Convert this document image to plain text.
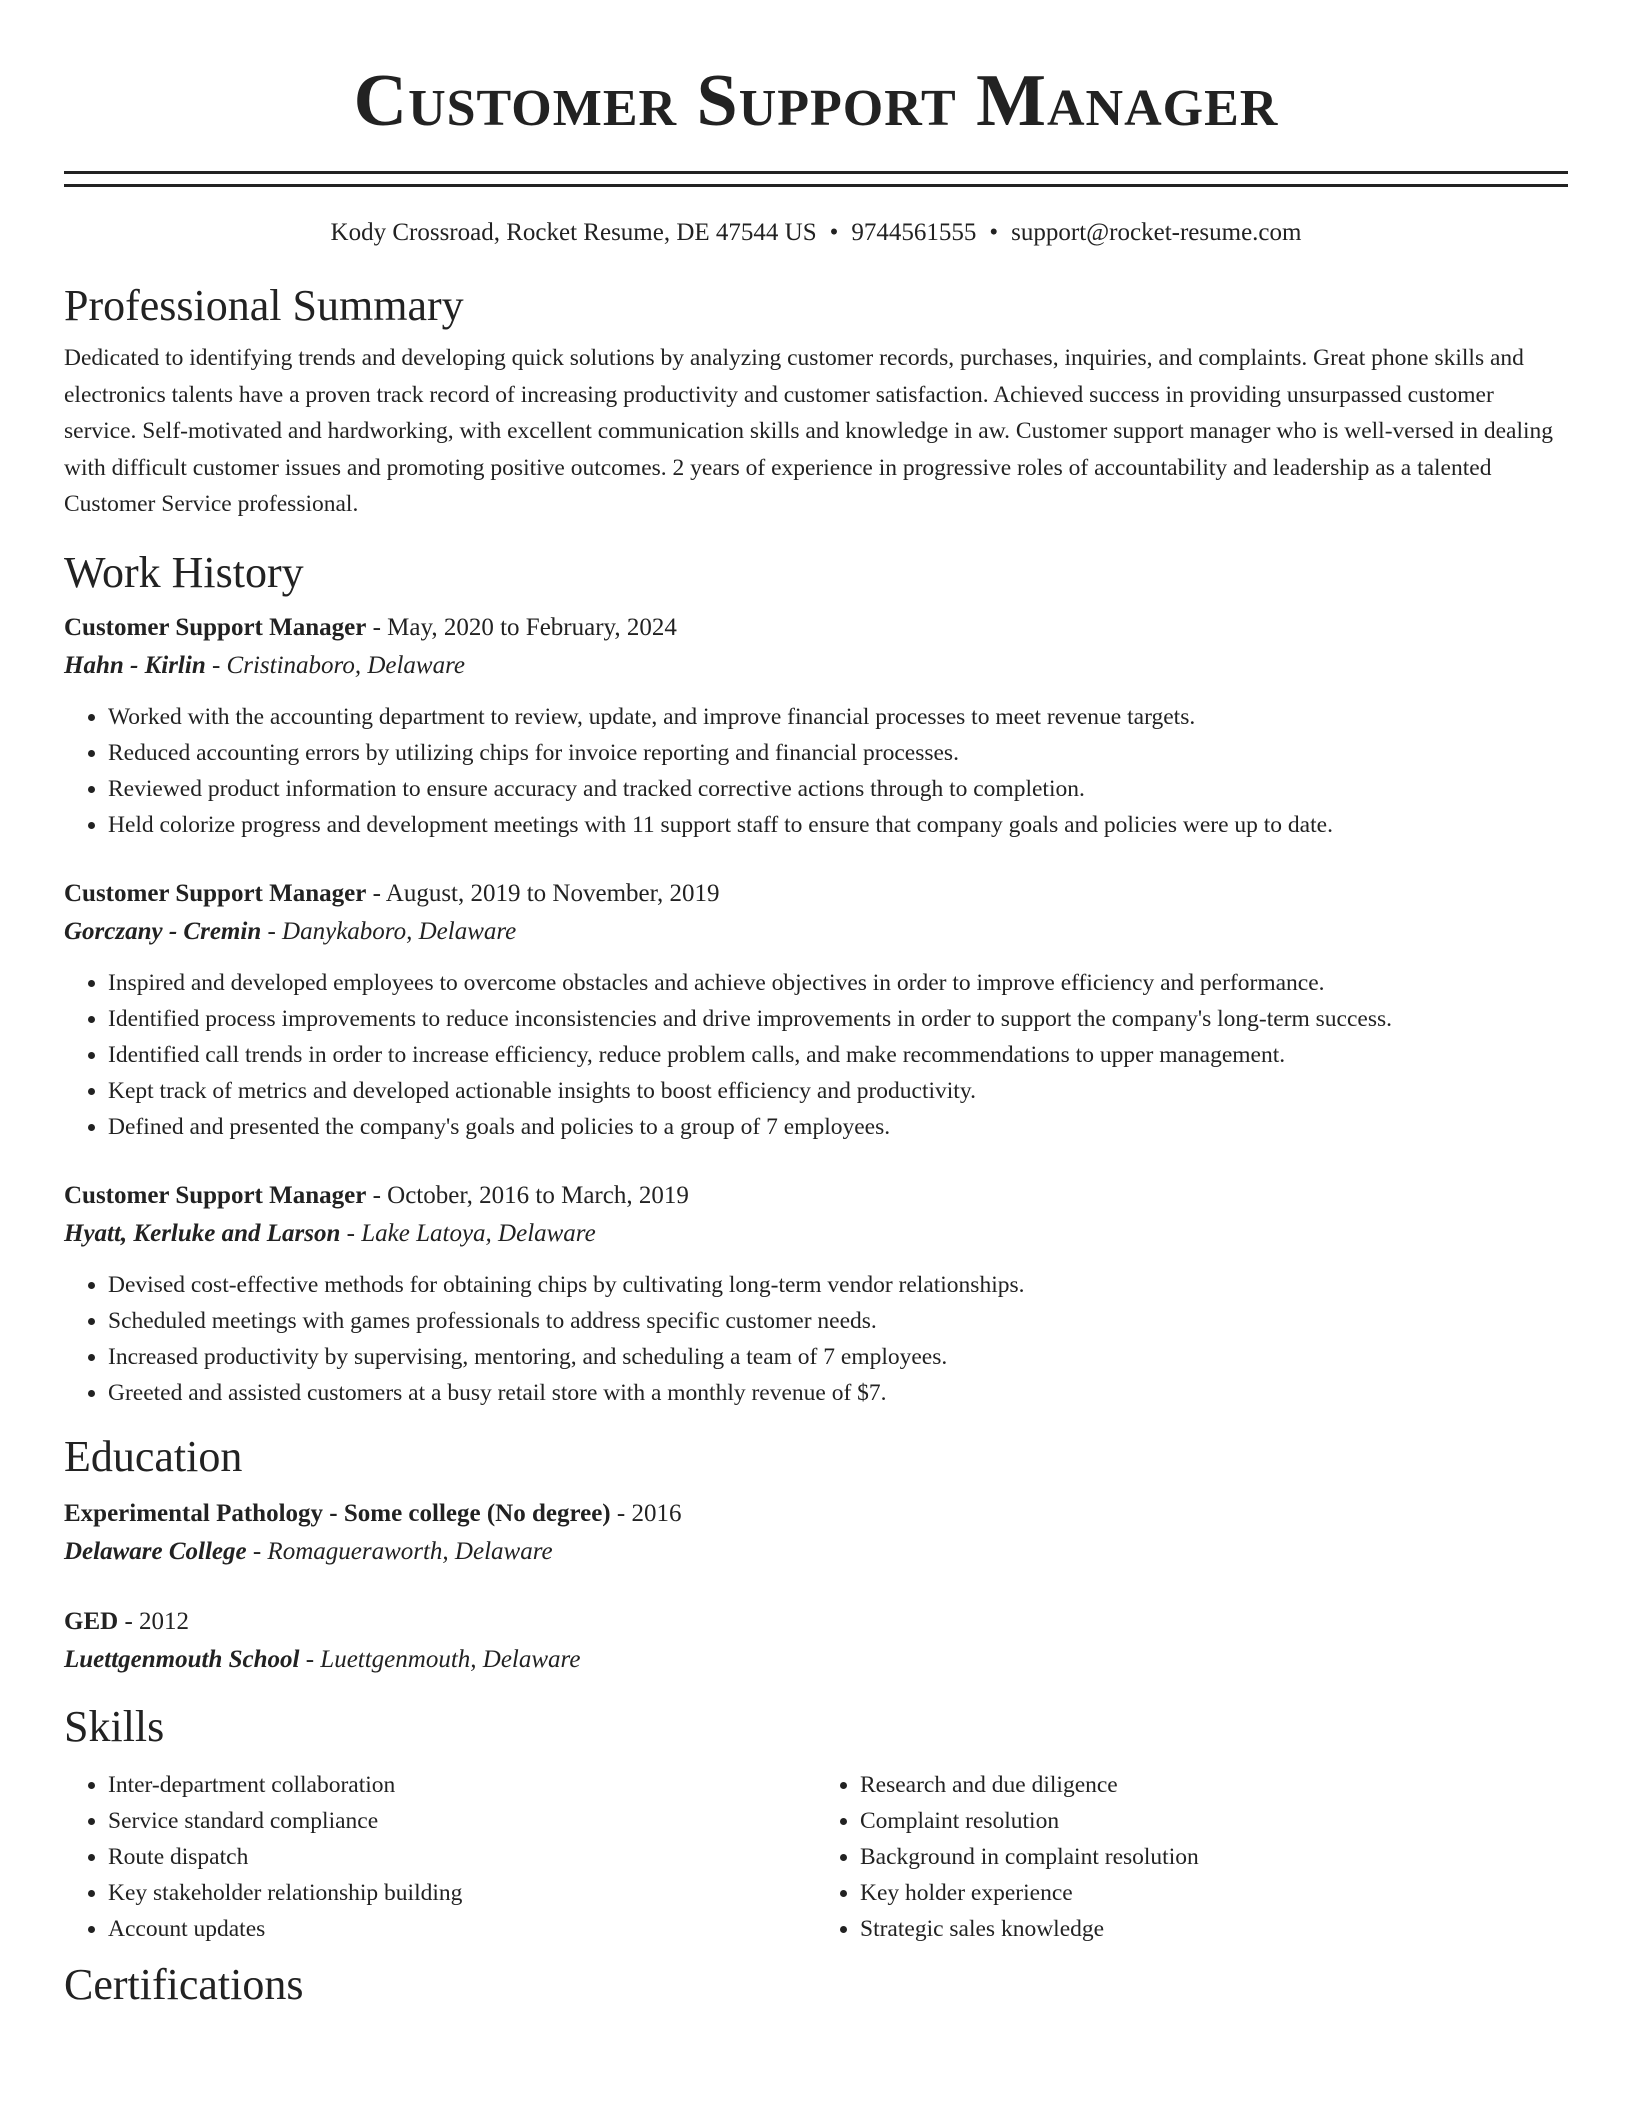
Customer Support Manager
Kody Crossroad, Rocket Resume, DE 47544 US • 9744561555 • support@rocket-resume.com
Professional Summary

Dedicated to identifying trends and developing quick solutions by analyzing customer records, purchases, inquiries, and complaints. Great phone skills and electronics talents have a proven track record of increasing productivity and customer satisfaction. Achieved success in providing unsurpassed customer service. Self-motivated and hardworking, with excellent communication skills and knowledge in aw. Customer support manager who is well-versed in dealing with difficult customer issues and promoting positive outcomes. 2 years of experience in progressive roles of accountability and leadership as a talented Customer Service professional.

Work History
Customer Support Manager - May, 2020 to February, 2024
Hahn - Kirlin - Cristinaboro, Delaware
• Worked with the accounting department to review, update, and improve financial processes to meet revenue targets.
• Reduced accounting errors by utilizing chips for invoice reporting and financial processes.
• Reviewed product information to ensure accuracy and tracked corrective actions through to completion.
• Held colorize progress and development meetings with 11 support staff to ensure that company goals and policies were up to date.
Customer Support Manager - August, 2019 to November, 2019
Gorczany - Cremin - Danykaboro, Delaware
• Inspired and developed employees to overcome obstacles and achieve objectives in order to improve efficiency and performance.
• Identified process improvements to reduce inconsistencies and drive improvements in order to support the company's long-term success.
• Identified call trends in order to increase efficiency, reduce problem calls, and make recommendations to upper management.
• Kept track of metrics and developed actionable insights to boost efficiency and productivity.
• Defined and presented the company's goals and policies to a group of 7 employees.
Customer Support Manager - October, 2016 to March, 2019
Hyatt, Kerluke and Larson - Lake Latoya, Delaware
• Devised cost-effective methods for obtaining chips by cultivating long-term vendor relationships.
• Scheduled meetings with games professionals to address specific customer needs.
• Increased productivity by supervising, mentoring, and scheduling a team of 7 employees.
• Greeted and assisted customers at a busy retail store with a monthly revenue of $7.
Education
Experimental Pathology - Some college (No degree) - 2016
Delaware College - Romagueraworth, Delaware
GED - 2012
Luettgenmouth School - Luettgenmouth, Delaware
Skills
• Inter-department collaboration
• Service standard compliance
• Route dispatch
• Key stakeholder relationship building
• Account updates
• Research and due diligence
• Complaint resolution
• Background in complaint resolution
• Key holder experience
• Strategic sales knowledge
Certifications
